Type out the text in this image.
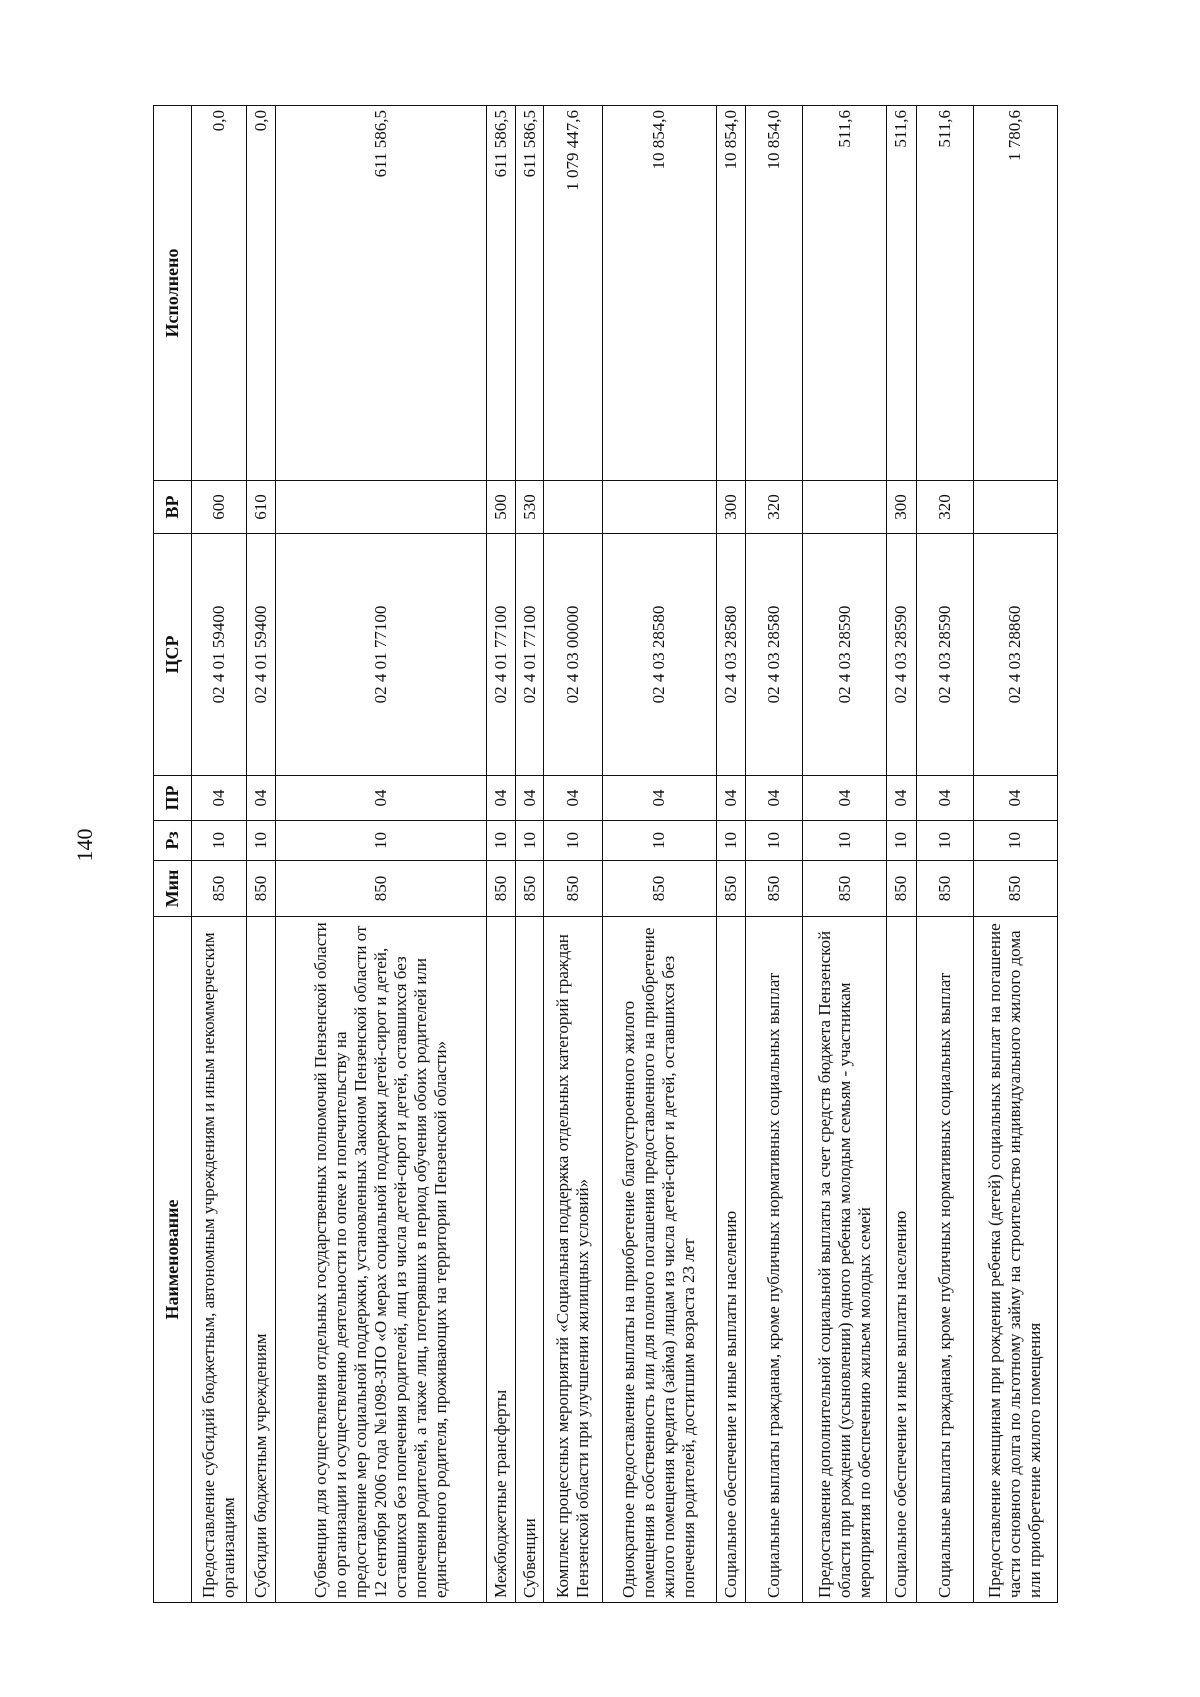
140
Наименование	Мин	Рз	ПР	ЦСР	ВР	Исполнено
Предоставление субсидий бюджетным, автономным учреждениям и иным некоммерческим организациям	850	10	04	02 4 01 59400	600	0,0
Субсидии бюджетным учреждениям	850	10	04	02 4 01 59400	610	0,0
Субвенции для осуществления отдельных государственных полномочий Пензенской области по организации и осуществлению деятельности по опеке и попечительству на предоставление мер социальной поддержки, установленных Законом Пензенской области от 12 сентября 2006 года №1098-ЗПО «О мерах социальной поддержки детей-сирот и детей, оставшихся без попечения родителей, лиц из числа детей-сирот и детей, оставшихся без попечения родителей, а также лиц, потерявших в период обучения обоих родителей или единственного родителя, проживающих на территории Пензенской области»	850	10	04	02 4 01 77100		611 586,5
Межбюджетные трансферты	850	10	04	02 4 01 77100	500	611 586,5
Субвенции	850	10	04	02 4 01 77100	530	611 586,5
Комплекс процессных мероприятий «Социальная поддержка отдельных категорий граждан Пензенской области при улучшении жилищных условий»	850	10	04	02 4 03 00000		1 079 447,6
Однократное предоставление выплаты на приобретение благоустроенного жилого помещения в собственность или для полного погашения предоставленного на приобретение жилого помещения кредита (займа) лицам из числа детей-сирот и детей, оставшихся без попечения родителей, достигшим возраста 23 лет	850	10	04	02 4 03 28580		10 854,0
Социальное обеспечение и иные выплаты населению	850	10	04	02 4 03 28580	300	10 854,0
Социальные выплаты гражданам, кроме публичных нормативных социальных выплат	850	10	04	02 4 03 28580	320	10 854,0
Предоставление дополнительной социальной выплаты за счет средств бюджета Пензенской области при рождении (усыновлении) одного ребенка молодым семьям - участникам мероприятия по обеспечению жильем молодых семей	850	10	04	02 4 03 28590		511,6
Социальное обеспечение и иные выплаты населению	850	10	04	02 4 03 28590	300	511,6
Социальные выплаты гражданам, кроме публичных нормативных социальных выплат	850	10	04	02 4 03 28590	320	511,6
Предоставление женщинам при рождении ребенка (детей) социальных выплат на погашение части основного долга по льготному займу на строительство индивидуального жилого дома или приобретение жилого помещения	850	10	04	02 4 03 28860		1 780,6
